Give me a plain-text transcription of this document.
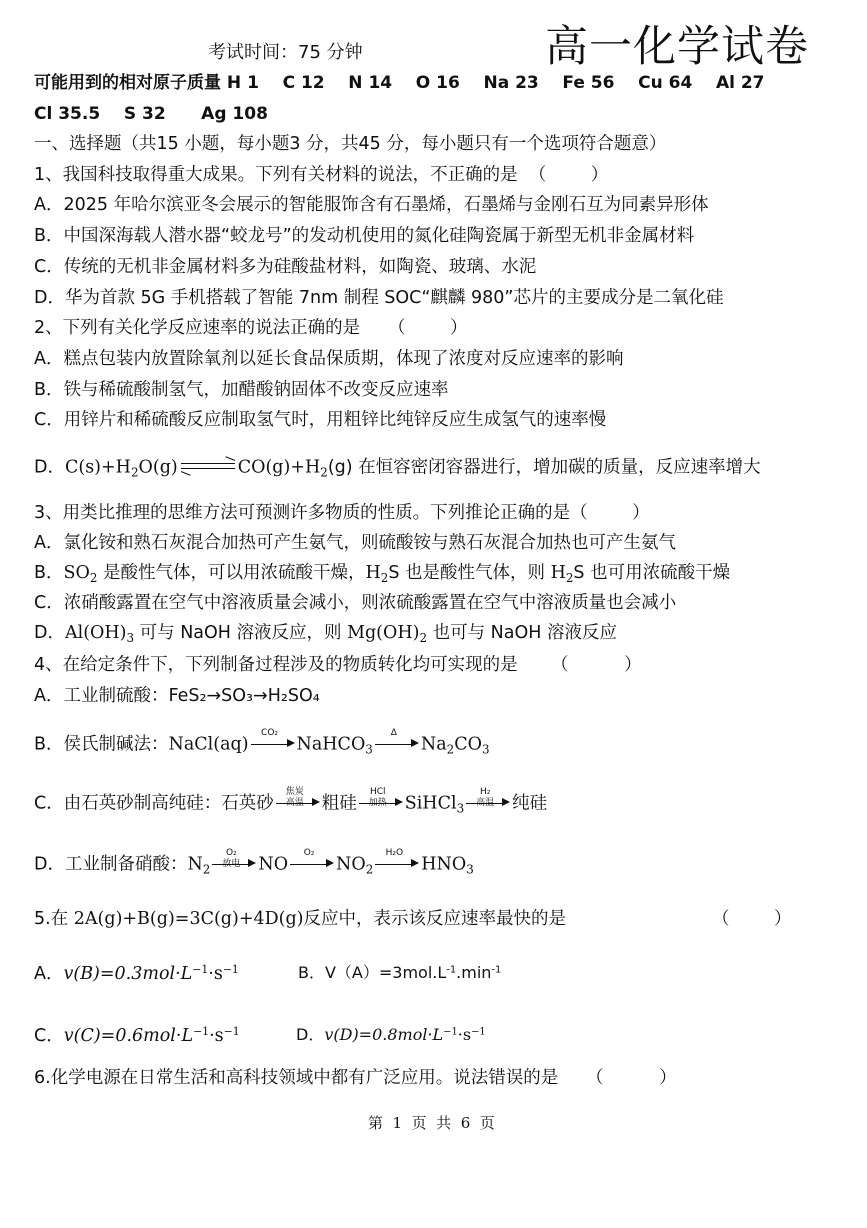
考试时间：75 分钟	高一化学试卷
可能用到的相对原子质量 H 1    C 12    N 14    O 16    Na 23    Fe 56    Cu 64    Al 27
Cl 35.5    S 32      Ag 108
一、选择题（共15 小题，每小题3 分，共45 分，每小题只有一个选项符合题意）
1、我国科技取得重大成果。下列有关材料的说法，不正确的是  （        ）
A．2025 年哈尔滨亚冬会展示的智能服饰含有石墨烯，石墨烯与金刚石互为同素异形体
B．中国深海载人潜水器“蛟龙号”的发动机使用的氮化硅陶瓷属于新型无机非金属材料
C．传统的无机非金属材料多为硅酸盐材料，如陶瓷、玻璃、水泥
D．华为首款 5G 手机搭载了智能 7nm 制程 SOC“麒麟 980”芯片的主要成分是二氧化硅
2、下列有关化学反应速率的说法正确的是     （        ）
A．糕点包装内放置除氧剂以延长食品保质期，体现了浓度对反应速率的影响
B．铁与稀硫酸制氢气，加醋酸钠固体不改变反应速率
C．用锌片和稀硫酸反应制取氢气时，用粗锌比纯锌反应生成氢气的速率慢
D．$C(s)+H_2O(g)\rightleftharpoons CO(g)+H_2(g)$ 在恒容密闭容器进行，增加碳的质量，反应速率增大
3、用类比推理的思维方法可预测许多物质的性质。下列推论正确的是（        ）
A．氯化铵和熟石灰混合加热可产生氨气，则硫酸铵与熟石灰混合加热也可产生氨气
B．$SO_2$ 是酸性气体，可以用浓硫酸干燥，$H_2S$ 也是酸性气体，则 $H_2S$ 也可用浓硫酸干燥
C．浓硝酸露置在空气中溶液质量会减小，则浓硫酸露置在空气中溶液质量也会减小
D．$Al(OH)_3$ 可与 NaOH 溶液反应，则 $Mg(OH)_2$ 也可与 NaOH 溶液反应
4、在给定条件下，下列制备过程涉及的物质转化均可实现的是      （          ）
A．工业制硫酸：FeS₂→SO₃→H₂SO₄
B．侯氏制碱法：NaCl(aq)
CO₂
NaHCO$_3$
Δ
$Na_2CO_3$
C．由石英砂制高纯硅：石英砂
焦炭
高温	粗硅
HCl
加热	SiHCl$_3$
H₂
高温	纯硅
D．工业制备硝酸：$N_2$
O₂
放电	NO
O₂
$NO_2$
H₂O
$HNO_3$
5.在 2A(g)+B(g)=3C(g)+4D(g)反应中，表示该反应速率最快的是	（        ）
A．$v(B)=0.3mol\cdot L^{-1}\cdot s^{-1}$	B．$V(A)=3mol.L^{-1}.\min^{-1}$
C．$v(C)=0.6mol\cdot L^{-1}\cdot s^{-1}$	D．$v(D)=0.8mol\cdot L^{-1}\cdot s^{-1}$
6.化学电源在日常生活和高科技领域中都有广泛应用。说法错误的是     （          ）
第  1  页  共  6  页
